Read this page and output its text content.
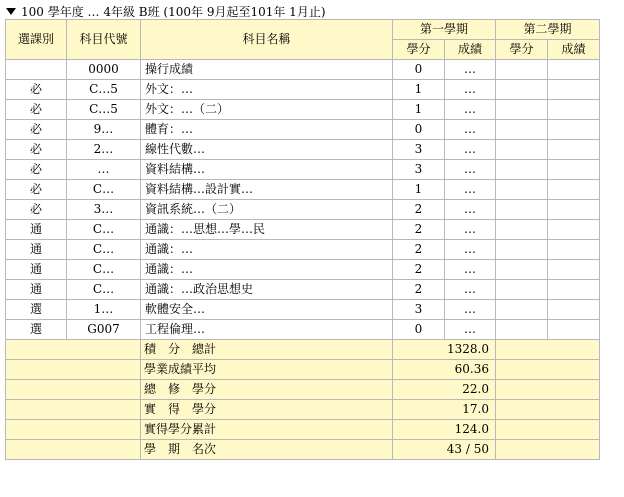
100 學年度 … 4年級 B班 (100年 9月起至101年 1月止)
選課別	科目代號	科目名稱	第一學期		第二學期	
			學分	成績	學分	成績
	0000	操行成績	0	…		
必	C…5	外文：…	1	…		
必	C…5	外文：…（二）	1	…		
必	9…	體育：…	0	…		
必	2…	線性代數…	3	…		
必	…	資料結構…	3	…		
必	C…	資料結構…設計實…	1	…		
必	3…	資訊系統…（二）	2	…		
通	C…	通識：…思想…學…民	2	…		
通	C…	通識：…	2	…		
通	C…	通識：…	2	…		
通	C…	通識：…政治思想史	2	…		
選	1…	軟體安全…	3	…		
選	G007	工程倫理…	0	…		
		積　分　總計	1328.0			
		學業成績平均	60.36			
		總　修　學分	22.0			
		實　得　學分	17.0			
		實得學分累計	124.0			
		學　期　名次	43 / 50			
